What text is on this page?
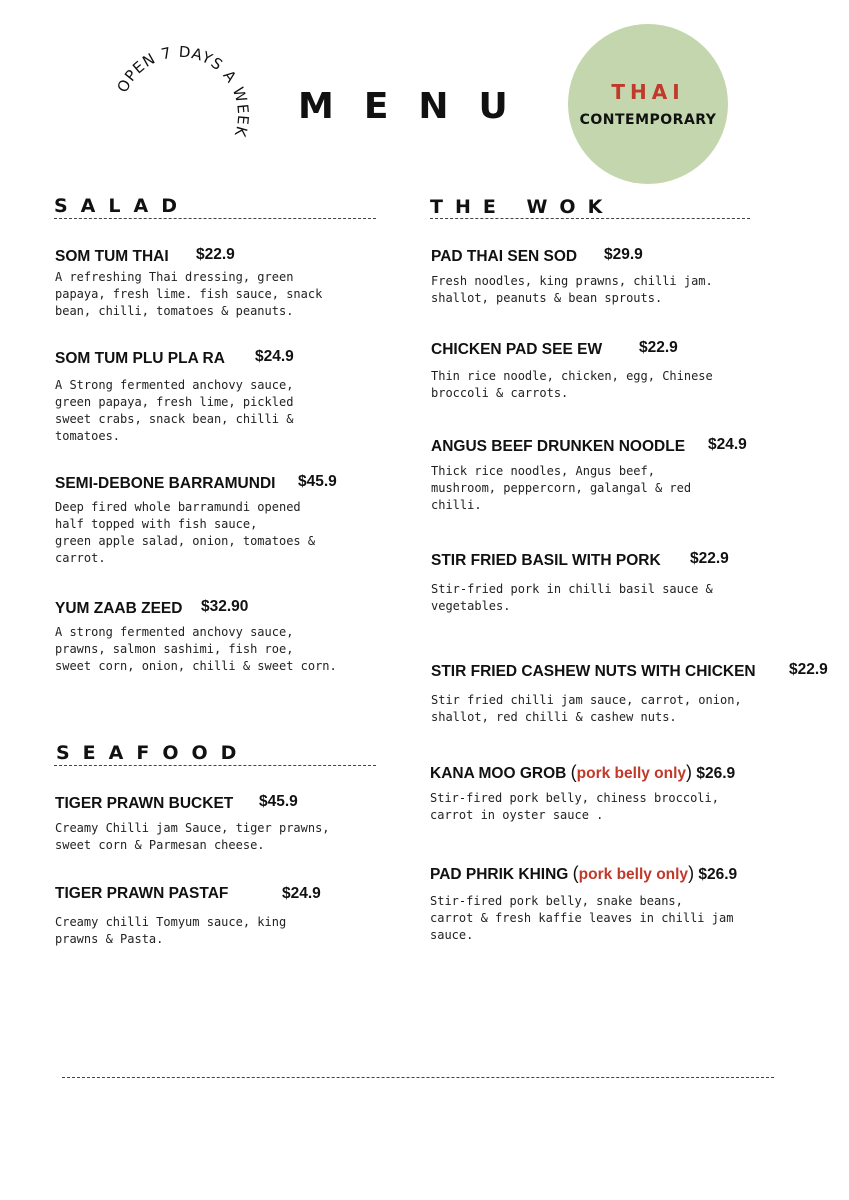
OPEN 7 DAYS A WEEK
MENU	THAI
CONTEMPORARY
SALAD
SOM TUM THAI $22.9

A refreshing Thai dressing, green
papaya, fresh lime. fish sauce, snack
bean, chilli, tomatoes & peanuts.

SOM TUM PLU PLA RA $24.9

A Strong fermented anchovy sauce,
green papaya, fresh lime, pickled
sweet crabs, snack bean, chilli &
tomatoes.

SEMI-DEBONE BARRAMUNDI $45.9

Deep fired whole barramundi opened
half topped with fish sauce,
green apple salad, onion, tomatoes &
carrot.

YUM ZAAB ZEED $32.90

A strong fermented anchovy sauce,
prawns, salmon sashimi, fish roe,
sweet corn, onion, chilli & sweet corn.

SEAFOOD
TIGER PRAWN BUCKET $45.9

Creamy Chilli jam Sauce, tiger prawns,
sweet corn & Parmesan cheese.

TIGER PRAWN PASTAF	$24.9

Creamy chilli Tomyum sauce, king
prawns & Pasta.

THE WOK
PAD THAI SEN SOD $29.9

Fresh noodles, king prawns, chilli jam.
shallot, peanuts & bean sprouts.

CHICKEN PAD SEE EW $22.9

Thin rice noodle, chicken, egg, Chinese
broccoli & carrots.

ANGUS BEEF DRUNKEN NOODLE $24.9

Thick rice noodles, Angus beef,
mushroom, peppercorn, galangal & red
chilli.

STIR FRIED BASIL WITH PORK $22.9

Stir-fried pork in chilli basil sauce &
vegetables.

STIR FRIED CASHEW NUTS WITH CHICKEN $22.9

Stir fried chilli jam sauce, carrot, onion,
shallot, red chilli & cashew nuts.

KANA MOO GROB (pork belly only) $26.9

Stir-fired pork belly, chiness broccoli,
carrot in oyster sauce .

PAD PHRIK KHING (pork belly only) $26.9

Stir-fired pork belly, snake beans,
carrot & fresh kaffie leaves in chilli jam
sauce.
